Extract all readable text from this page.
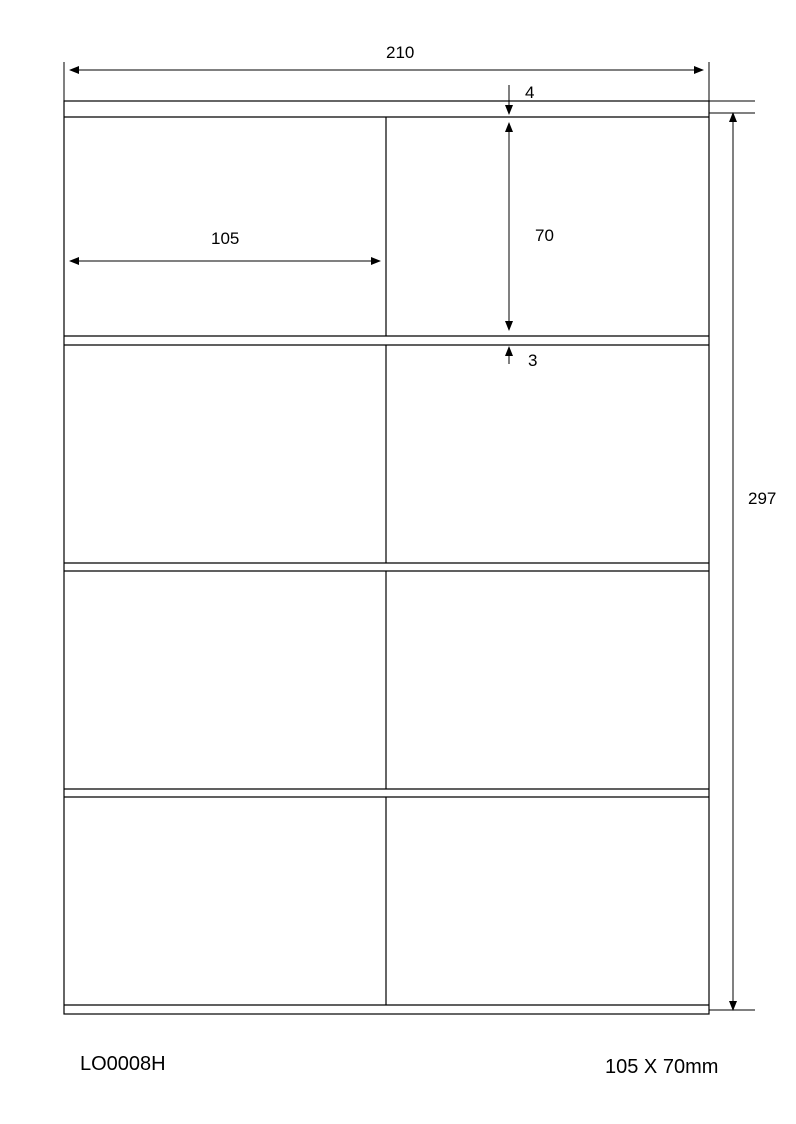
210
4
105	70
3
297
LO0008H	105 X 70mm
